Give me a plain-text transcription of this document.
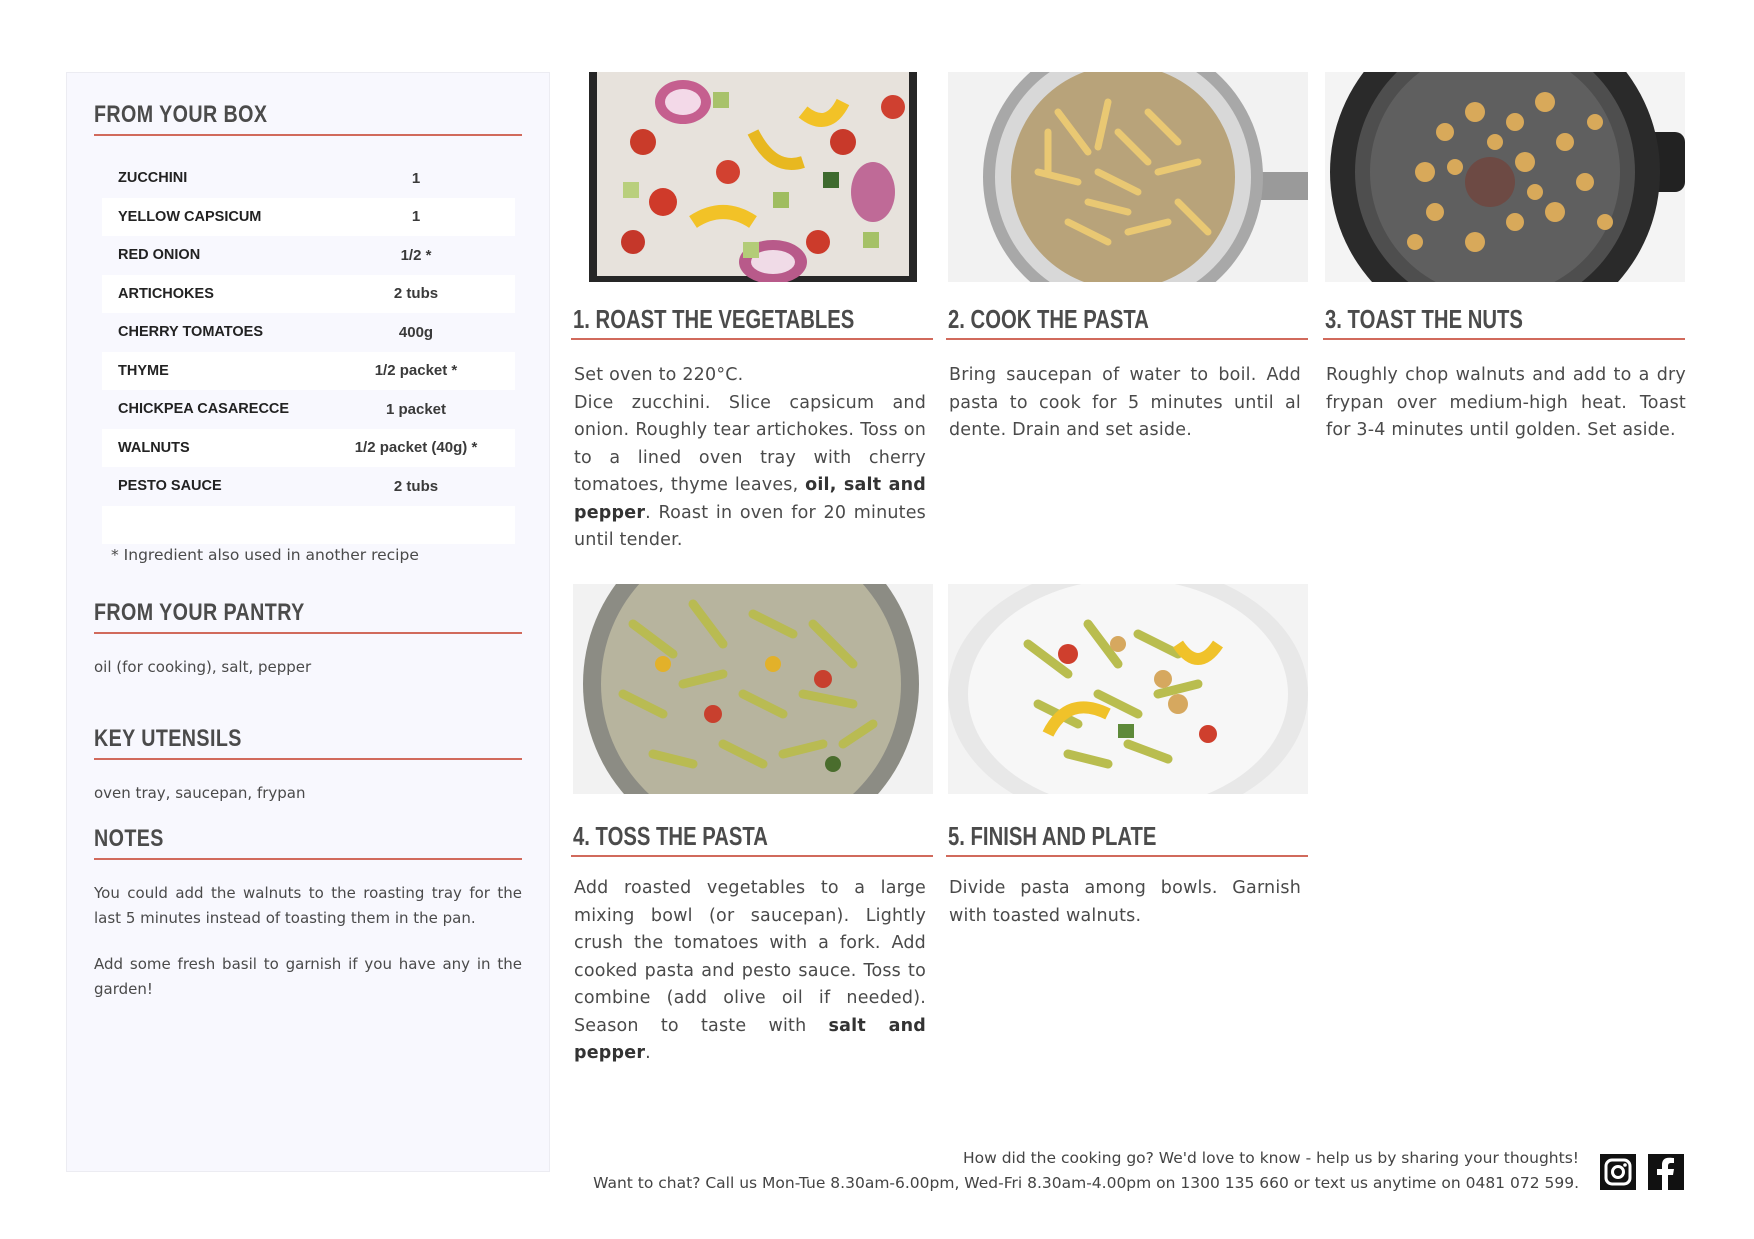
FROM YOUR BOX
ZUCCHINI	1
YELLOW CAPSICUM	1
RED ONION	1/2 *
ARTICHOKES	2 tubs
CHERRY TOMATOES	400g
THYME	1/2 packet *
CHICKPEA CASARECCE	1 packet
WALNUTS	1/2 packet (40g) *
PESTO SAUCE	2 tubs
* Ingredient also used in another recipe
FROM YOUR PANTRY
oil (for cooking), salt, pepper
KEY UTENSILS
oven tray, saucepan, frypan
NOTES

You could add the walnuts to the roasting tray for the last 5 minutes instead of toasting them in the pan.

Add some fresh basil to garnish if you have any in the garden!

1. ROAST THE VEGETABLES
Set oven to 220°C.
Dice zucchini. Slice capsicum and onion. Roughly tear artichokes. Toss on to a lined oven tray with cherry tomatoes, thyme leaves, oil, salt and pepper. Roast in oven for 20 minutes until tender.
2. COOK THE PASTA
Bring saucepan of water to boil. Add pasta to cook for 5 minutes until al dente. Drain and set aside.
3. TOAST THE NUTS
Roughly chop walnuts and add to a dry frypan over medium-high heat. Toast for 3-4 minutes until golden. Set aside.
4. TOSS THE PASTA
Add roasted vegetables to a large mixing bowl (or saucepan). Lightly crush the tomatoes with a fork. Add cooked pasta and pesto sauce. Toss to combine (add olive oil if needed). Season to taste with salt and pepper.
5. FINISH AND PLATE
Divide pasta among bowls. Garnish with toasted walnuts.
How did the cooking go? We'd love to know - help us by sharing your thoughts!
Want to chat? Call us Mon-Tue 8.30am-6.00pm, Wed-Fri 8.30am-4.00pm on 1300 135 660 or text us anytime on 0481 072 599.
